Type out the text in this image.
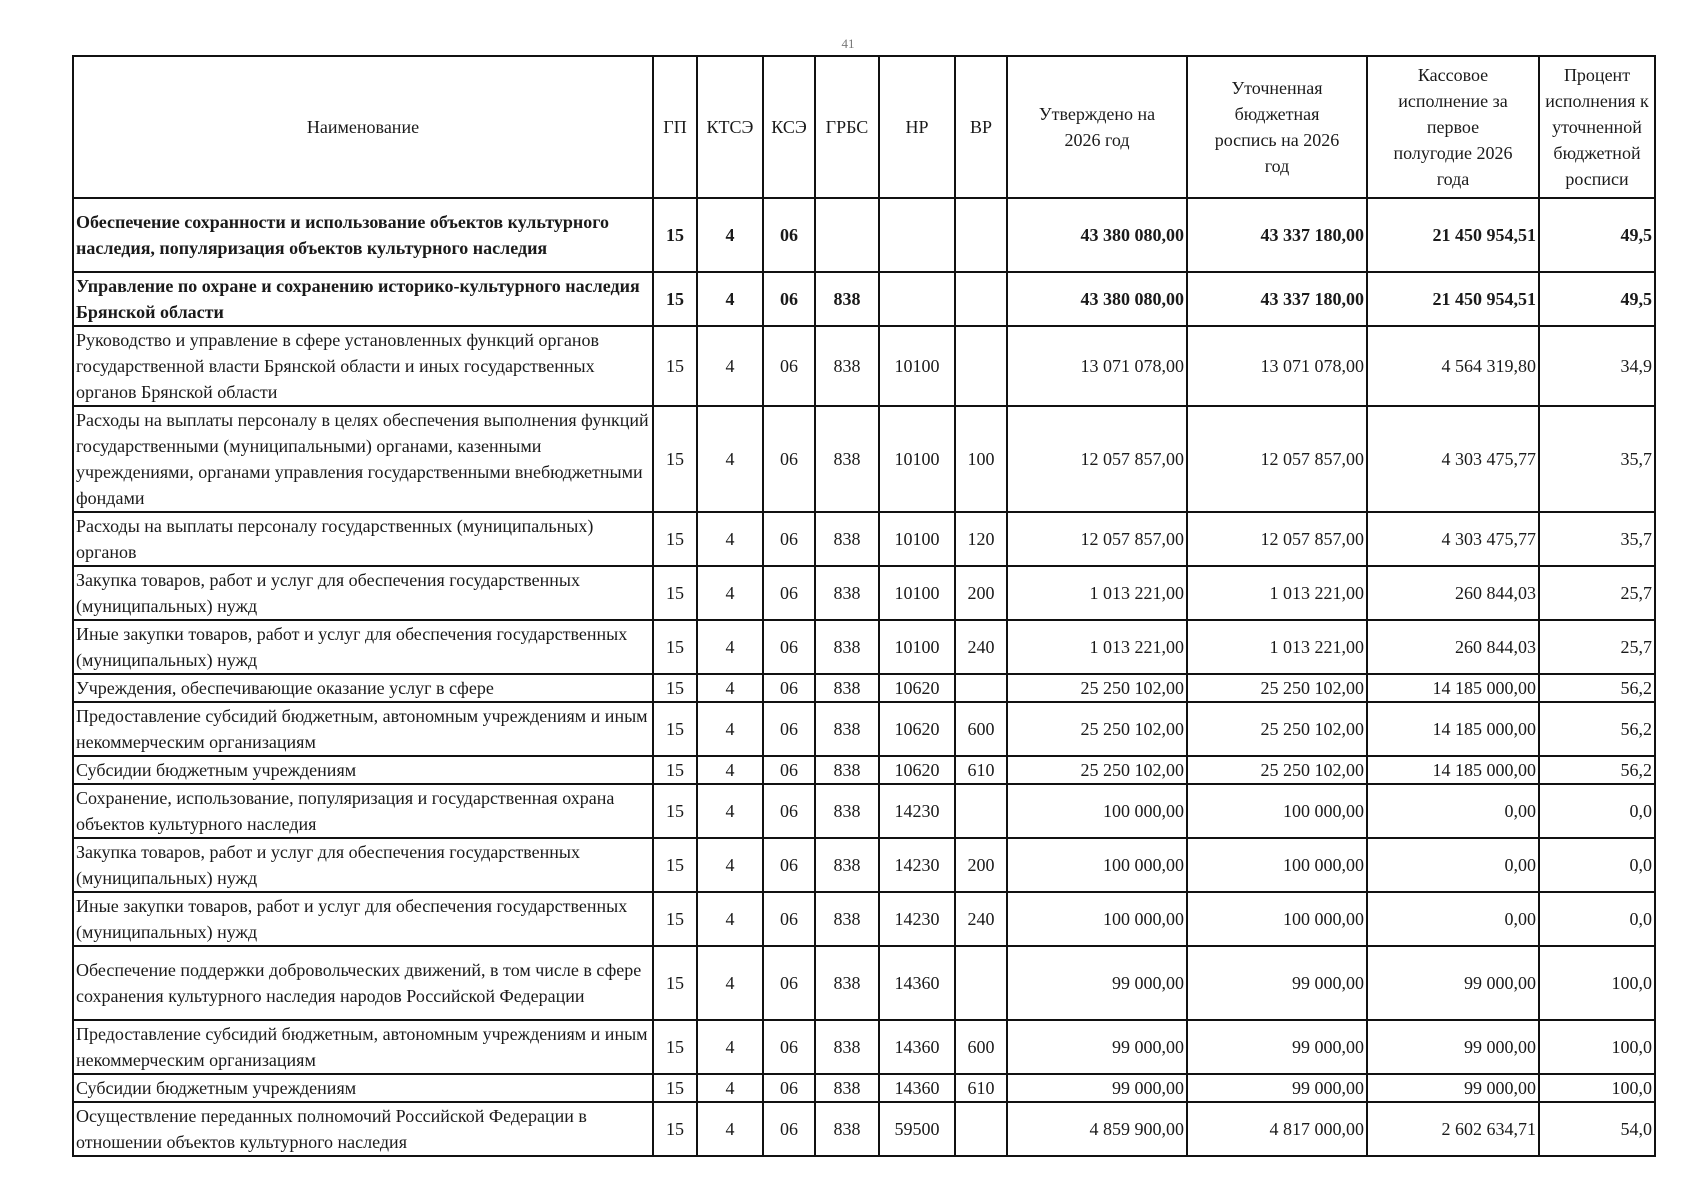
41
Наименование	ГП	КТСЭ	КСЭ	ГРБС	НР	ВР	Утверждено на 2026 год	Уточненная бюджетная роспись на 2026 год	Кассовое исполнение за первое полугодие 2026 года	Процент исполнения к уточненной бюджетной росписи
Обеспечение сохранности и использование объектов культурного наследия, популяризация объектов культурного наследия	15	4	06				43 380 080,00	43 337 180,00	21 450 954,51	49,5
Управление по охране и сохранению историко-культурного наследия Брянской области	15	4	06	838			43 380 080,00	43 337 180,00	21 450 954,51	49,5
Руководство и управление в сфере установленных функций органов государственной власти Брянской области и иных государственных органов Брянской области	15	4	06	838	10100		13 071 078,00	13 071 078,00	4 564 319,80	34,9
Расходы на выплаты персоналу в целях обеспечения выполнения функций государственными (муниципальными) органами, казенными учреждениями, органами управления государственными внебюджетными фондами	15	4	06	838	10100	100	12 057 857,00	12 057 857,00	4 303 475,77	35,7
Расходы на выплаты персоналу государственных (муниципальных) органов	15	4	06	838	10100	120	12 057 857,00	12 057 857,00	4 303 475,77	35,7
Закупка товаров, работ и услуг для обеспечения государственных (муниципальных) нужд	15	4	06	838	10100	200	1 013 221,00	1 013 221,00	260 844,03	25,7
Иные закупки товаров, работ и услуг для обеспечения государственных (муниципальных) нужд	15	4	06	838	10100	240	1 013 221,00	1 013 221,00	260 844,03	25,7
Учреждения, обеспечивающие оказание услуг в сфере	15	4	06	838	10620		25 250 102,00	25 250 102,00	14 185 000,00	56,2
Предоставление субсидий бюджетным, автономным учреждениям и иным некоммерческим организациям	15	4	06	838	10620	600	25 250 102,00	25 250 102,00	14 185 000,00	56,2
Субсидии бюджетным учреждениям	15	4	06	838	10620	610	25 250 102,00	25 250 102,00	14 185 000,00	56,2
Сохранение, использование, популяризация и государственная охрана объектов культурного наследия	15	4	06	838	14230		100 000,00	100 000,00	0,00	0,0
Закупка товаров, работ и услуг для обеспечения государственных (муниципальных) нужд	15	4	06	838	14230	200	100 000,00	100 000,00	0,00	0,0
Иные закупки товаров, работ и услуг для обеспечения государственных (муниципальных) нужд	15	4	06	838	14230	240	100 000,00	100 000,00	0,00	0,0
Обеспечение поддержки добровольческих движений, в том числе в сфере сохранения культурного наследия народов Российской Федерации	15	4	06	838	14360		99 000,00	99 000,00	99 000,00	100,0
Предоставление субсидий бюджетным, автономным учреждениям и иным некоммерческим организациям	15	4	06	838	14360	600	99 000,00	99 000,00	99 000,00	100,0
Субсидии бюджетным учреждениям	15	4	06	838	14360	610	99 000,00	99 000,00	99 000,00	100,0
Осуществление переданных полномочий Российской Федерации в отношении объектов культурного наследия	15	4	06	838	59500		4 859 900,00	4 817 000,00	2 602 634,71	54,0
